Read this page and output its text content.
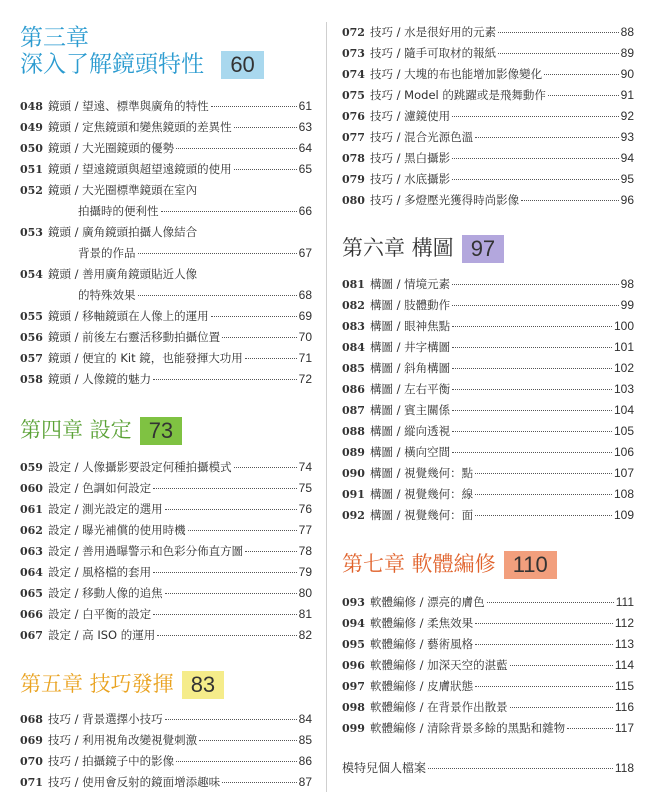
第三章
深入了解鏡頭特性 60
048 鏡頭 / 望遠、標準與廣角的特性	61
049 鏡頭 / 定焦鏡頭和變焦鏡頭的差異性	63
050 鏡頭 / 大光圈鏡頭的優勢	64
051 鏡頭 / 望遠鏡頭與超望遠鏡頭的使用	65
052 鏡頭 / 大光圈標準鏡頭在室內
拍攝時的便利性	66
053 鏡頭 / 廣角鏡頭拍攝人像結合
背景的作品	67
054 鏡頭 / 善用廣角鏡頭貼近人像
的特殊效果	68
055 鏡頭 / 移軸鏡頭在人像上的運用	69
056 鏡頭 / 前後左右靈活移動拍攝位置	70
057 鏡頭 / 便宜的 Kit 鏡，也能發揮大功用	71
058 鏡頭 / 人像鏡的魅力	72
第四章 設定 73
059 設定 / 人像攝影要設定何種拍攝模式	74
060 設定 / 色調如何設定	75
061 設定 / 測光設定的選用	76
062 設定 / 曝光補償的使用時機	77
063 設定 / 善用過曝警示和色彩分佈直方圖	78
064 設定 / 風格檔的套用	79
065 設定 / 移動人像的追焦	80
066 設定 / 白平衡的設定	81
067 設定 / 高 ISO 的運用	82
第五章 技巧發揮 83
068 技巧 / 背景選擇小技巧	84
069 技巧 / 利用視角改變視覺刺激	85
070 技巧 / 拍攝鏡子中的影像	86
071 技巧 / 使用會反射的鏡面增添趣味	87
072 技巧 / 水是很好用的元素	88
073 技巧 / 隨手可取材的報紙	89
074 技巧 / 大塊的布也能增加影像變化	90
075 技巧 / Model 的跳躍或是飛舞動作	91
076 技巧 / 濾鏡使用	92
077 技巧 / 混合光源色溫	93
078 技巧 / 黑白攝影	94
079 技巧 / 水底攝影	95
080 技巧 / 多燈壓光獲得時尚影像	96
第六章 構圖 97
081 構圖 / 情境元素	98
082 構圖 / 肢體動作	99
083 構圖 / 眼神焦點	100
084 構圖 / 井字構圖	101
085 構圖 / 斜角構圖	102
086 構圖 / 左右平衡	103
087 構圖 / 賓主關係	104
088 構圖 / 縱向透視	105
089 構圖 / 橫向空間	106
090 構圖 / 視覺幾何：點	107
091 構圖 / 視覺幾何：線	108
092 構圖 / 視覺幾何：面	109
第七章 軟體編修 110
093 軟體編修 / 漂亮的膚色	111
094 軟體編修 / 柔焦效果	112
095 軟體編修 / 藝術風格	113
096 軟體編修 / 加深天空的湛藍	114
097 軟體編修 / 皮膚狀態	115
098 軟體編修 / 在背景作出散景	116
099 軟體編修 / 清除背景多餘的黑點和雜物	117
模特兒個人檔案	118
